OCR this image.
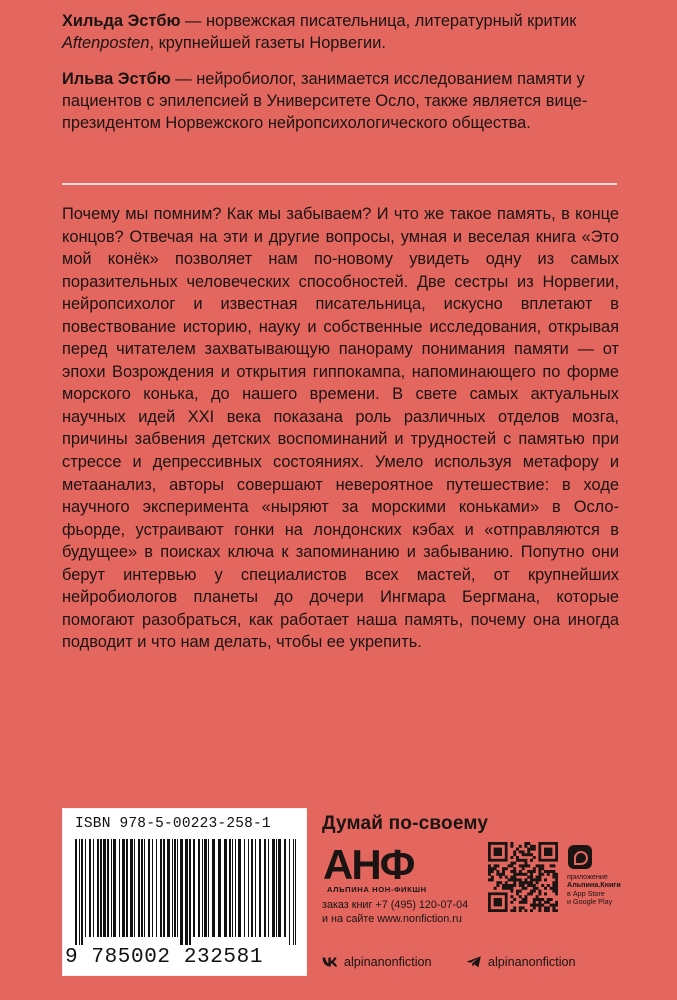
Хильда Эстбю — норвежская писательница, литературный критик Aftenposten, крупнейшей газеты Норвегии.

Ильва Эстбю — нейробиолог, занимается исследованием памяти у пациентов с эпилепсией в Университете Осло, также является вице-президентом Норвежского нейропсихологического общества.

Почему мы помним? Как мы забываем? И что же такое память, в конце концов? Отвечая на эти и другие вопросы, умная и веселая книга «Это мой конёк» позволяет нам по-новому увидеть одну из самых поразительных человеческих способностей. Две сестры из Норвегии, нейропсихолог и известная писательница, искусно вплетают в повествование историю, науку и собственные исследования, открывая перед читателем захватывающую панораму понимания памяти — от эпохи Возрождения и открытия гиппокампа, напоминающего по форме морского конька, до нашего времени. В свете самых актуальных научных идей XXI века показана роль различных отделов мозга, причины забвения детских воспоминаний и трудностей с памятью при стрессе и депрессивных состояниях. Умело используя метафору и метаанализ, авторы совершают невероятное путешествие: в ходе научного эксперимента «ныряют за морскими коньками» в Осло-фьорде, устраивают гонки на лондонских кэбах и «отправляются в будущее» в поисках ключа к запоминанию и забыванию. Попутно они берут интервью у специалистов всех мастей, от крупнейших нейробиологов планеты до дочери Ингмара Бергмана, которые помогают разобраться, как работает наша память, почему она иногда подводит и что нам делать, чтобы ее укрепить.

ISBN 978-5-00223-258-1
9 785002 232581
Думай по-своему
АНФ
АЛЬПИНА НОН-ФИКШН
заказ книг +7 (495) 120-07-04
и на сайте www.nonfiction.ru
приложение
Альпина.Книги
в App Store
и Google Play
alpinanonfiction	alpinanonfiction
